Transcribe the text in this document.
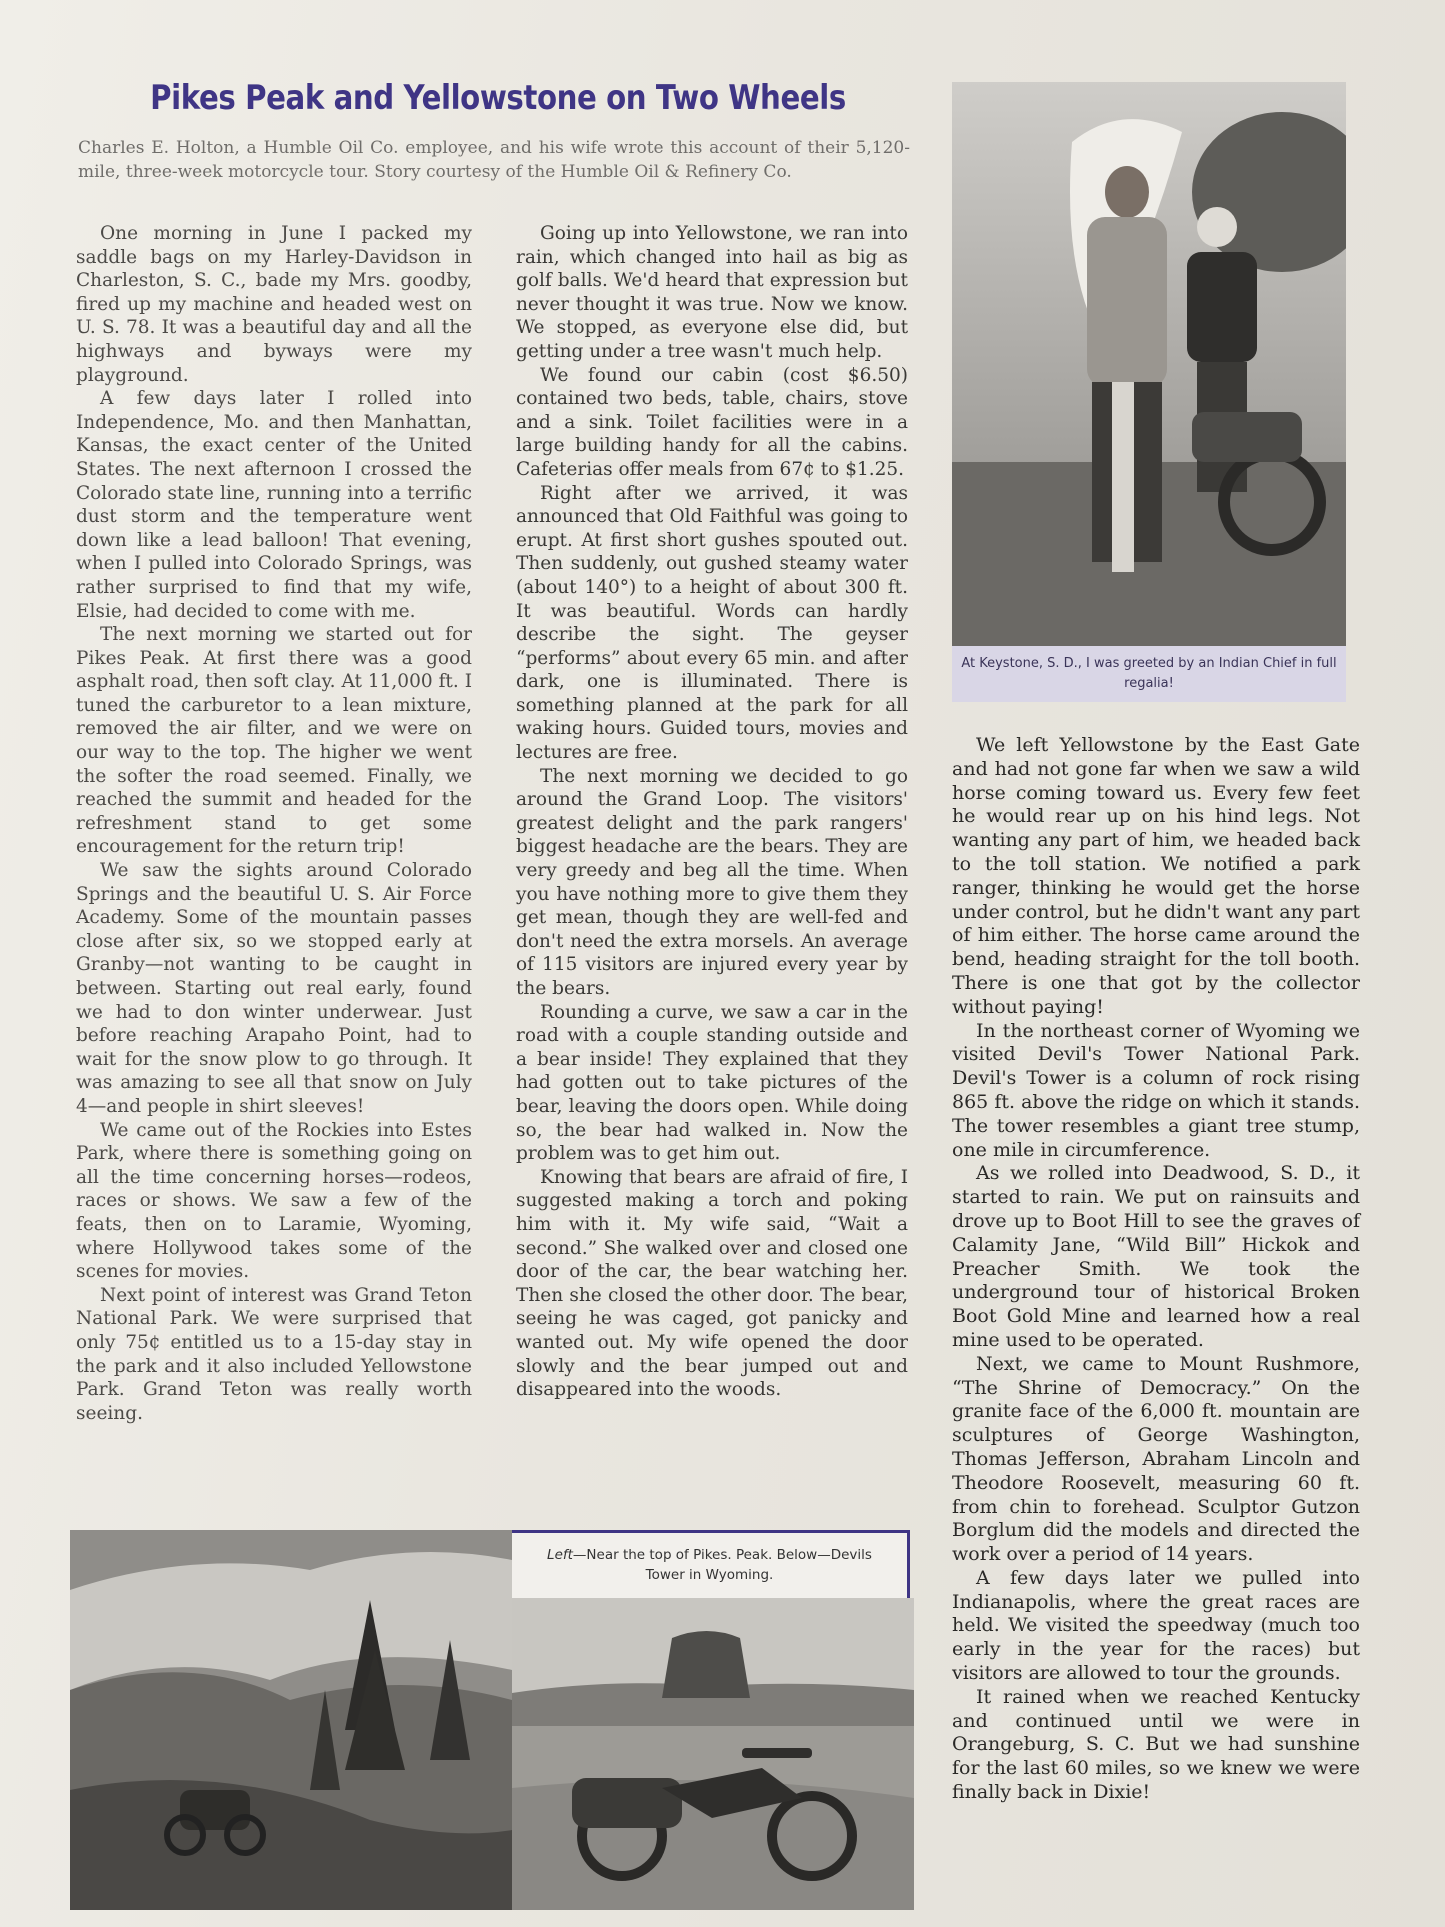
Pikes Peak and Yellowstone on Two Wheels
Charles E. Holton, a Humble Oil Co. employee, and his wife wrote this account of their 5,120-mile, three-week motorcycle tour. Story courtesy of the Humble Oil & Refinery Co.

One morning in June I packed my saddle bags on my Harley-Davidson in Charleston, S. C., bade my Mrs. goodby, fired up my machine and headed west on U. S. 78. It was a beautiful day and all the highways and byways were my playground.

A few days later I rolled into Independence, Mo. and then Manhattan, Kansas, the exact center of the United States. The next afternoon I crossed the Colorado state line, running into a terrific dust storm and the temperature went down like a lead balloon! That evening, when I pulled into Colorado Springs, was rather surprised to find that my wife, Elsie, had decided to come with me.

The next morning we started out for Pikes Peak. At first there was a good asphalt road, then soft clay. At 11,000 ft. I tuned the carburetor to a lean mixture, removed the air filter, and we were on our way to the top. The higher we went the softer the road seemed. Finally, we reached the summit and headed for the refreshment stand to get some encouragement for the return trip!

We saw the sights around Colorado Springs and the beautiful U. S. Air Force Academy. Some of the mountain passes close after six, so we stopped early at Granby—not wanting to be caught in between. Starting out real early, found we had to don winter underwear. Just before reaching Arapaho Point, had to wait for the snow plow to go through. It was amazing to see all that snow on July 4—and people in shirt sleeves!

We came out of the Rockies into Estes Park, where there is something going on all the time concerning horses—rodeos, races or shows. We saw a few of the feats, then on to Laramie, Wyoming, where Hollywood takes some of the scenes for movies.

Next point of interest was Grand Teton National Park. We were surprised that only 75¢ entitled us to a 15-day stay in the park and it also included Yellowstone Park. Grand Teton was really worth seeing.

Going up into Yellowstone, we ran into rain, which changed into hail as big as golf balls. We'd heard that expression but never thought it was true. Now we know. We stopped, as everyone else did, but getting under a tree wasn't much help.

We found our cabin (cost $6.50) contained two beds, table, chairs, stove and a sink. Toilet facilities were in a large building handy for all the cabins. Cafeterias offer meals from 67¢ to $1.25.

Right after we arrived, it was announced that Old Faithful was going to erupt. At first short gushes spouted out. Then suddenly, out gushed steamy water (about 140°) to a height of about 300 ft. It was beautiful. Words can hardly describe the sight. The geyser “performs” about every 65 min. and after dark, one is illuminated. There is something planned at the park for all waking hours. Guided tours, movies and lectures are free.

The next morning we decided to go around the Grand Loop. The visitors' greatest delight and the park rangers' biggest headache are the bears. They are very greedy and beg all the time. When you have nothing more to give them they get mean, though they are well-fed and don't need the extra morsels. An average of 115 visitors are injured every year by the bears.

Rounding a curve, we saw a car in the road with a couple standing outside and a bear inside! They explained that they had gotten out to take pictures of the bear, leaving the doors open. While doing so, the bear had walked in. Now the problem was to get him out.

Knowing that bears are afraid of fire, I suggested making a torch and poking him with it. My wife said, “Wait a second.” She walked over and closed one door of the car, the bear watching her. Then she closed the other door. The bear, seeing he was caged, got panicky and wanted out. My wife opened the door slowly and the bear jumped out and disappeared into the woods.

We left Yellowstone by the East Gate and had not gone far when we saw a wild horse coming toward us. Every few feet he would rear up on his hind legs. Not wanting any part of him, we headed back to the toll station. We notified a park ranger, thinking he would get the horse under control, but he didn't want any part of him either. The horse came around the bend, heading straight for the toll booth. There is one that got by the collector without paying!

In the northeast corner of Wyoming we visited Devil's Tower National Park. Devil's Tower is a column of rock rising 865 ft. above the ridge on which it stands. The tower resembles a giant tree stump, one mile in circumference.

As we rolled into Deadwood, S. D., it started to rain. We put on rainsuits and drove up to Boot Hill to see the graves of Calamity Jane, “Wild Bill” Hickok and Preacher Smith. We took the underground tour of historical Broken Boot Gold Mine and learned how a real mine used to be operated.

Next, we came to Mount Rushmore, “The Shrine of Democracy.” On the granite face of the 6,000 ft. mountain are sculptures of George Washington, Thomas Jefferson, Abraham Lincoln and Theodore Roosevelt, measuring 60 ft. from chin to forehead. Sculptor Gutzon Borglum did the models and directed the work over a period of 14 years.

A few days later we pulled into Indianapolis, where the great races are held. We visited the speedway (much too early in the year for the races) but visitors are allowed to tour the grounds.

It rained when we reached Kentucky and continued until we were in Orangeburg, S. C. But we had sunshine for the last 60 miles, so we knew we were finally back in Dixie!

At Keystone, S. D., I was greeted by an Indian Chief in full regalia!
Left—Near the top of Pikes. Peak. Below—Devils Tower in Wyoming.
